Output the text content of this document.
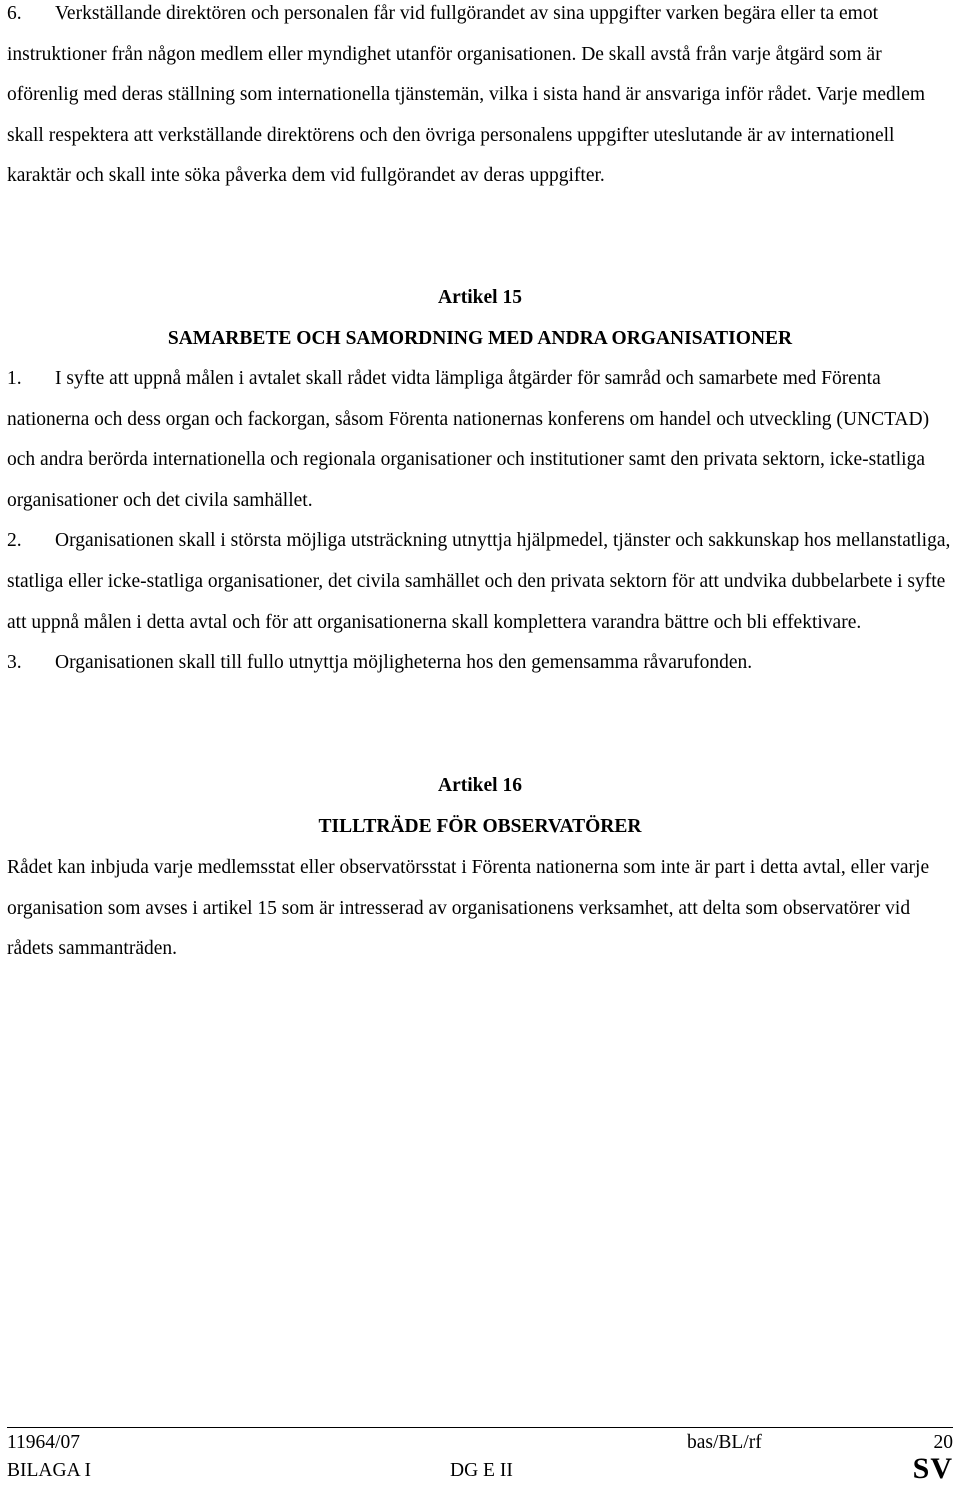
6. Verkställande direktören och personalen får vid fullgörandet av sina uppgifter varken begära eller ta emot instruktioner från någon medlem eller myndighet utanför organisationen. De skall avstå från varje åtgärd som är oförenlig med deras ställning som internationella tjänstemän, vilka i sista hand är ansvariga inför rådet. Varje medlem skall respektera att verkställande direktörens och den övriga personalens uppgifter uteslutande är av internationell karaktär och skall inte söka påverka dem vid fullgörandet av deras uppgifter.

Artikel 15
SAMARBETE OCH SAMORDNING MED ANDRA ORGANISATIONER

1. I syfte att uppnå målen i avtalet skall rådet vidta lämpliga åtgärder för samråd och samarbete med Förenta nationerna och dess organ och fackorgan, såsom Förenta nationernas konferens om handel och utveckling (UNCTAD) och andra berörda internationella och regionala organisationer och institutioner samt den privata sektorn, icke-statliga organisationer och det civila samhället.

2. Organisationen skall i största möjliga utsträckning utnyttja hjälpmedel, tjänster och sakkunskap hos mellanstatliga, statliga eller icke-statliga organisationer, det civila samhället och den privata sektorn för att undvika dubbelarbete i syfte att uppnå målen i detta avtal och för att organisationerna skall komplettera varandra bättre och bli effektivare.

3. Organisationen skall till fullo utnyttja möjligheterna hos den gemensamma råvarufonden.

Artikel 16
TILLTRÄDE FÖR OBSERVATÖRER

Rådet kan inbjuda varje medlemsstat eller observatörsstat i Förenta nationerna som inte är part i detta avtal, eller varje organisation som avses i artikel 15 som är intresserad av organisationens verksamhet, att delta som observatörer vid rådets sammanträden.

11964/07	bas/BL/rf	20
BILAGA I	DG E II	SV
